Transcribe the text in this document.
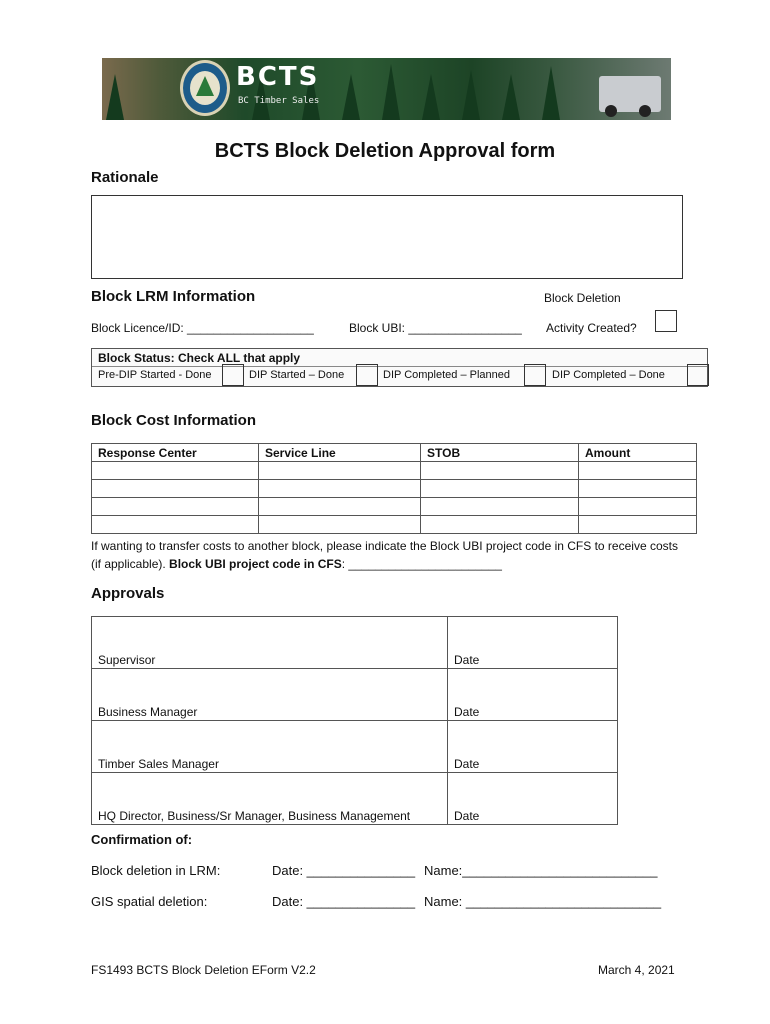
BCTS
BC Timber Sales
BCTS Block Deletion Approval form
Rationale
Block LRM Information	Block Deletion
Block Licence/ID: ___________________	Block UBI: _________________ Activity Created?
Block Status: Check ALL that apply
Pre-DIP Started - Done	DIP Started – Done	DIP Completed – Planned	DIP Completed – Done
Block Cost Information
Response Center	Service Line	STOB	Amount

If wanting to transfer costs to another block, please indicate the Block UBI project code in CFS to receive costs (if applicable). Block UBI project code in CFS: _______________________
Approvals
Supervisor	Date

Business Manager	Date

Timber Sales Manager	Date

HQ Director, Business/Sr Manager, Business Management	Date
Confirmation of:
Block deletion in LRM:	Date: _______________ Name:___________________________
GIS spatial deletion:	Date: _______________ Name: ___________________________
FS1493 BCTS Block Deletion EForm V2.2	March 4, 2021
